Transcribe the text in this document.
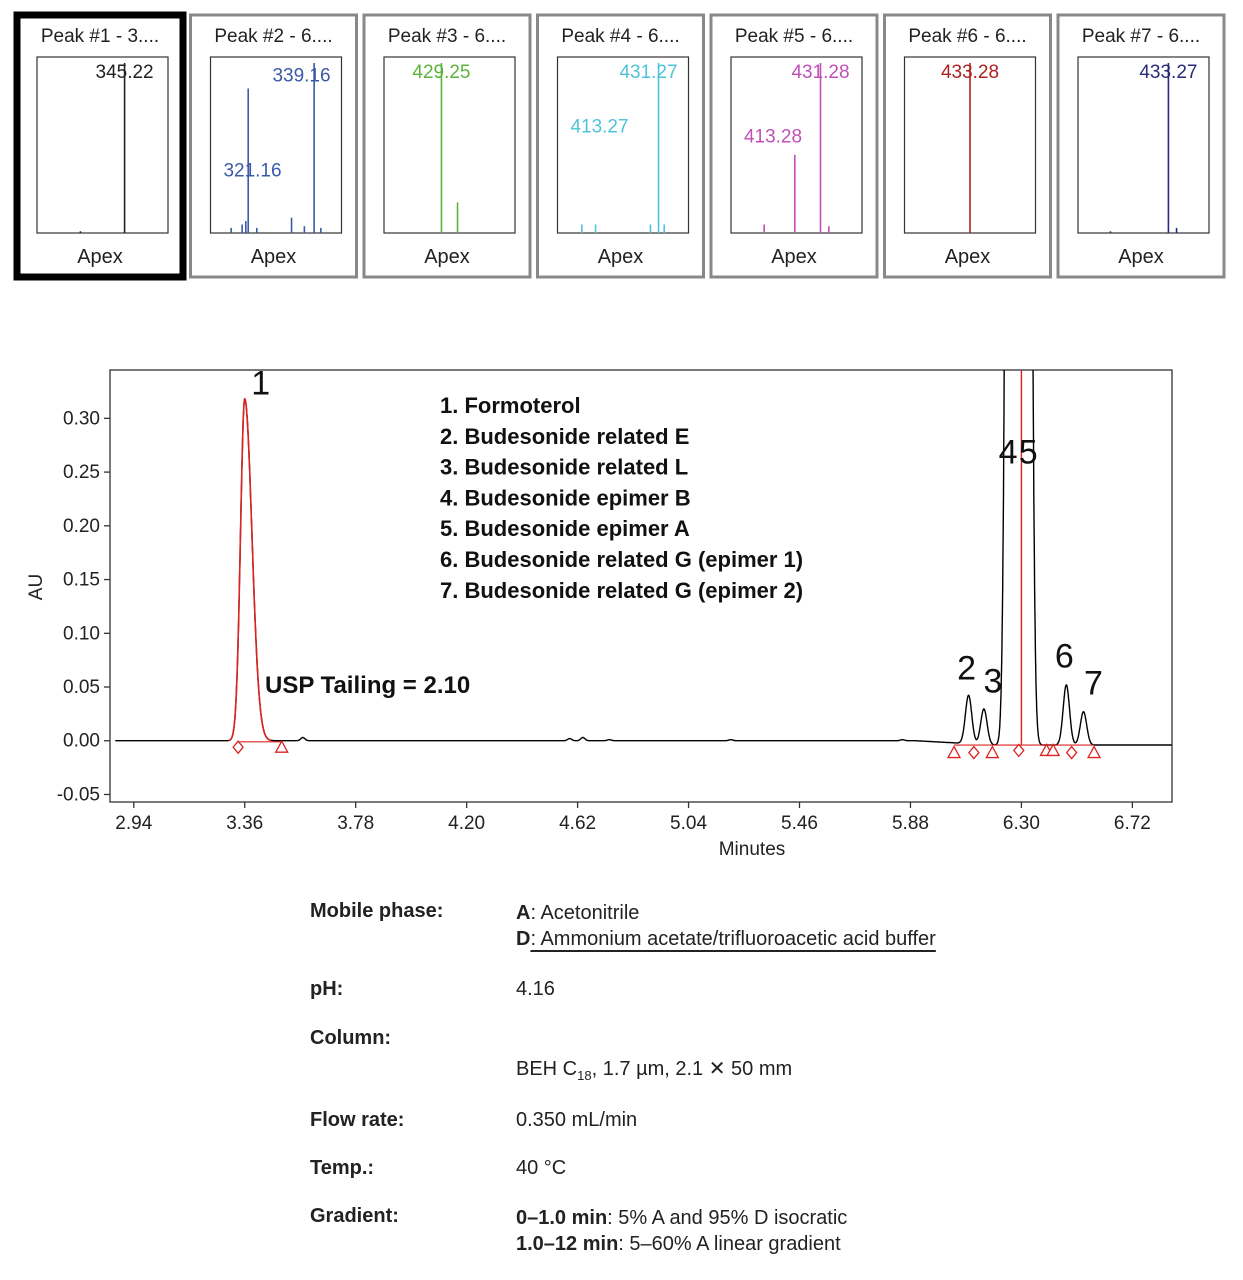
Peak #1 - 3....
345.22
Apex
Peak #2 - 6....
339.16
321.16
Apex
Peak #3 - 6....
429.25
Apex
Peak #4 - 6....
431.27
413.27
Apex
Peak #5 - 6....
431.28
413.28
Apex
Peak #6 - 6....
433.28
Apex
Peak #7 - 6....
433.27
Apex
-0.05
0.00
0.05
0.10
0.15
0.20
0.25
0.30
2.94	3.36	3.78	4.20	4.62	5.04	5.46	5.88	6.30	6.72
Minutes
AU
1
2 3
4 5
6
7
1. Formoterol
2. Budesonide related E
3. Budesonide related L
4. Budesonide epimer B
5. Budesonide epimer A
6. Budesonide related G (epimer 1)
7. Budesonide related G (epimer 2)
USP Tailing = 2.10
Mobile phase:	A: Acetonitrile
D: Ammonium acetate/trifluoroacetic acid buffer
pH:	4.16
Column:
BEH $C_{18}$, 1.7 µm, 2.1 ✕ 50 mm
Flow rate:	0.350 mL/min
Temp.:	40 °C
Gradient:	0–1.0 min: 5% A and 95% D isocratic
1.0–12 min: 5–60% A linear gradient
